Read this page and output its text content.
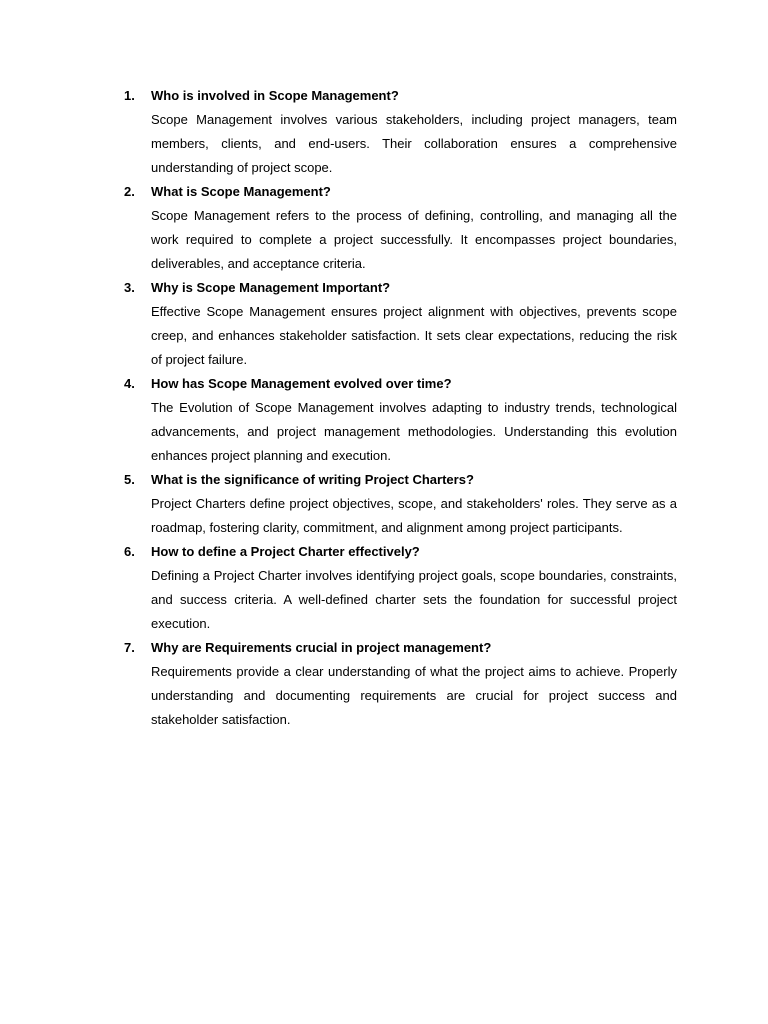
1.	Who is involved in Scope Management?

Scope Management involves various stakeholders, including project managers, team members, clients, and end-users. Their collaboration ensures a comprehensive understanding of project scope.

2.	What is Scope Management?

Scope Management refers to the process of defining, controlling, and managing all the work required to complete a project successfully. It encompasses project boundaries, deliverables, and acceptance criteria.

3.	Why is Scope Management Important?

Effective Scope Management ensures project alignment with objectives, prevents scope creep, and enhances stakeholder satisfaction. It sets clear expectations, reducing the risk of project failure.

4.	How has Scope Management evolved over time?

The Evolution of Scope Management involves adapting to industry trends, technological advancements, and project management methodologies. Understanding this evolution enhances project planning and execution.

5.	What is the significance of writing Project Charters?

Project Charters define project objectives, scope, and stakeholders' roles. They serve as a roadmap, fostering clarity, commitment, and alignment among project participants.

6.	How to define a Project Charter effectively?

Defining a Project Charter involves identifying project goals, scope boundaries, constraints, and success criteria. A well-defined charter sets the foundation for successful project execution.

7.	Why are Requirements crucial in project management?

Requirements provide a clear understanding of what the project aims to achieve. Properly understanding and documenting requirements are crucial for project success and stakeholder satisfaction.
